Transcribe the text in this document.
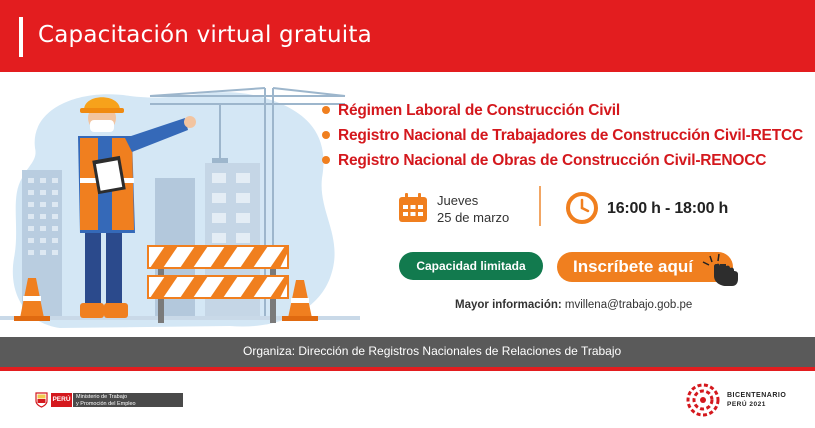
Capacitación virtual gratuita
Régimen Laboral de Construcción Civil
Registro Nacional de Trabajadores de Construcción Civil-RETCC
Registro Nacional de Obras de Construcción Civil-RENOCC
Jueves
25 de marzo
16:00 h - 18:00 h
Capacidad limitada	Inscríbete aquí
Mayor información: mvillena@trabajo.gob.pe
Organiza: Dirección de Registros Nacionales de Relaciones de Trabajo
PERÚ Ministerio de Trabajo
y Promoción del Empleo
BICENTENARIO
PERÚ 2021
